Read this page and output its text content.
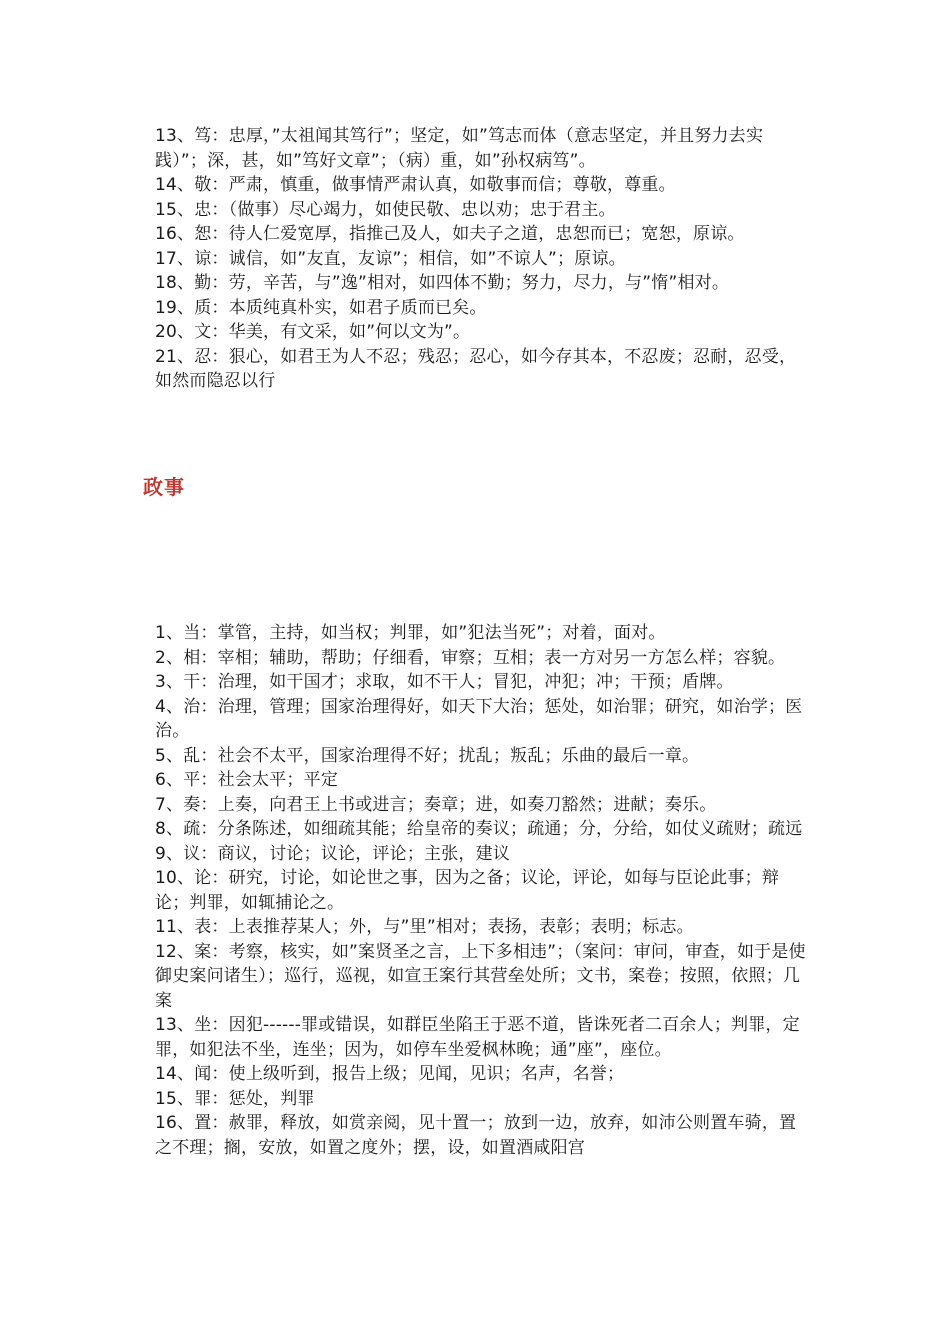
13、笃：忠厚，”太祖闻其笃行”；坚定，如”笃志而体（意志坚定，并且努力去实践）”；深，甚，如”笃好文章”；（病）重，如”孙权病笃”。

14、敬：严肃，慎重，做事情严肃认真，如敬事而信；尊敬，尊重。

15、忠：（做事）尽心竭力，如使民敬、忠以劝；忠于君主。

16、恕：待人仁爱宽厚，指推己及人，如夫子之道，忠恕而已；宽恕，原谅。

17、谅：诚信，如”友直，友谅”；相信，如”不谅人”；原谅。

18、勤：劳，辛苦，与”逸”相对，如四体不勤；努力，尽力，与”惰”相对。

19、质：本质纯真朴实，如君子质而已矣。

20、文：华美，有文采，如”何以文为”。

21、忍：狠心，如君王为人不忍；残忍；忍心，如今存其本，不忍废；忍耐，忍受，如然而隐忍以行

政事

1、当：掌管，主持，如当权；判罪，如”犯法当死”；对着，面对。

2、相：宰相；辅助，帮助；仔细看，审察；互相；表一方对另一方怎么样；容貌。

3、干：治理，如干国才；求取，如不干人；冒犯，冲犯；冲；干预；盾牌。

4、治：治理，管理；国家治理得好，如天下大治；惩处，如治罪；研究，如治学；医治。

5、乱：社会不太平，国家治理得不好；扰乱；叛乱；乐曲的最后一章。

6、平：社会太平；平定

7、奏：上奏，向君王上书或进言；奏章；进，如奏刀豁然；进献；奏乐。

8、疏：分条陈述，如细疏其能；给皇帝的奏议；疏通；分，分给，如仗义疏财；疏远

9、议：商议，讨论；议论，评论；主张，建议

10、论：研究，讨论，如论世之事，因为之备；议论，评论，如每与臣论此事；辩论；判罪，如辄捕论之。

11、表：上表推荐某人；外，与”里”相对；表扬，表彰；表明；标志。

12、案：考察，核实，如”案贤圣之言，上下多相违”；（案问：审问，审查，如于是使御史案问诸生）；巡行，巡视，如宣王案行其营垒处所；文书，案卷；按照，依照；几案

13、坐：因犯------罪或错误，如群臣坐陷王于恶不道，皆诛死者二百余人；判罪，定罪，如犯法不坐，连坐；因为，如停车坐爱枫林晚；通”座”，座位。

14、闻：使上级听到，报告上级；见闻，见识；名声，名誉；

15、罪：惩处，判罪

16、置：赦罪，释放，如赏亲阅，见十置一；放到一边，放弃，如沛公则置车骑，置之不理；搁，安放，如置之度外；摆，设，如置酒咸阳宫
